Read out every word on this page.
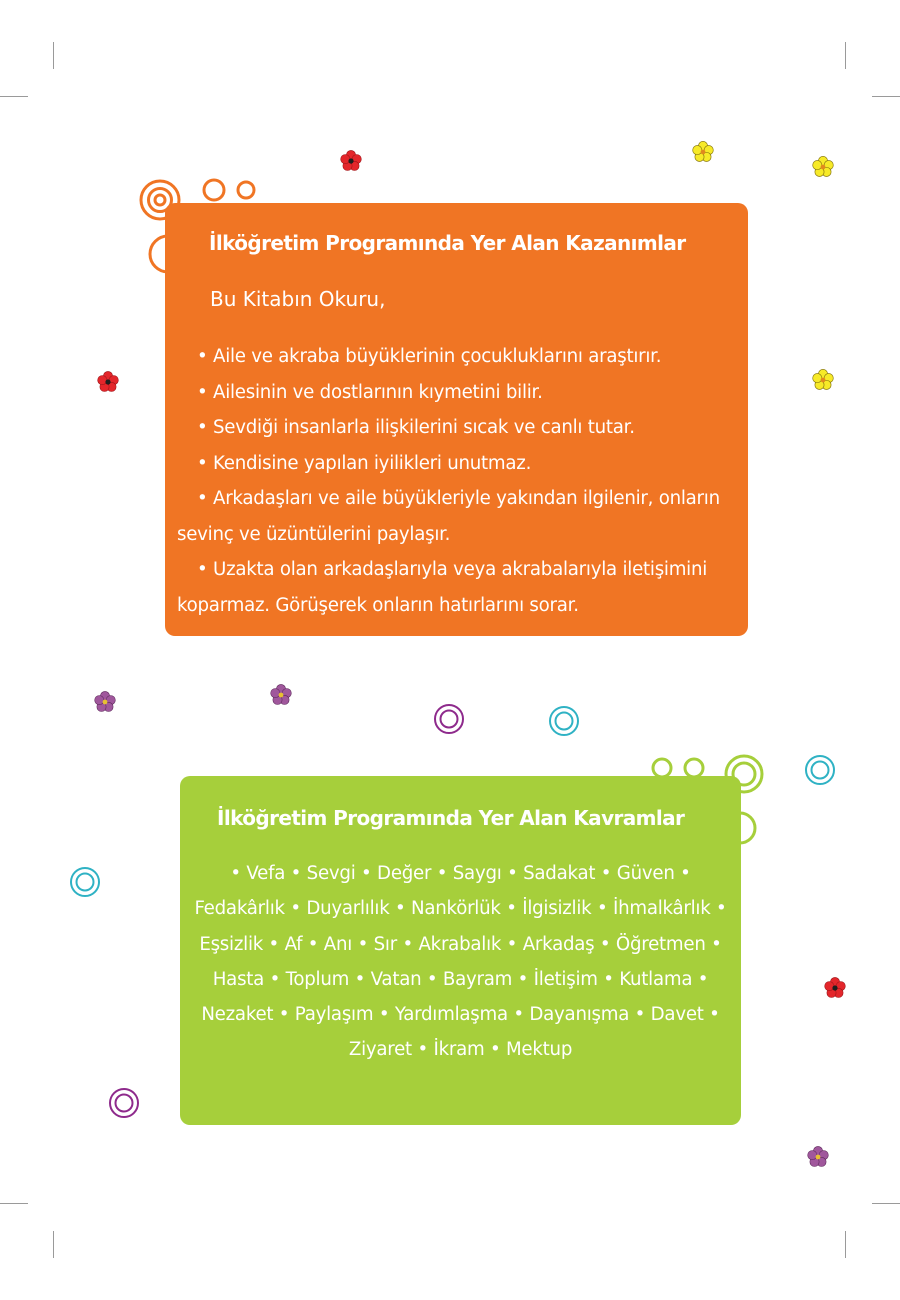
İlköğretim Programında Yer Alan Kazanımlar
Bu Kitabın Okuru,
• Aile ve akraba büyüklerinin çocukluklarını araştırır.
• Ailesinin ve dostlarının kıymetini bilir.
• Sevdiği insanlarla ilişkilerini sıcak ve canlı tutar.
• Kendisine yapılan iyilikleri unutmaz.
• Arkadaşları ve aile büyükleriyle yakından ilgilenir, onların sevinç ve üzüntülerini paylaşır.
• Uzakta olan arkadaşlarıyla veya akrabalarıyla iletişimini koparmaz. Görüşerek onların hatırlarını sorar.
İlköğretim Programında Yer Alan Kavramlar
• Vefa • Sevgi • Değer • Saygı • Sadakat • Güven • Fedakârlık • Duyarlılık • Nankörlük • İlgisizlik • İhmalkârlık • Eşsizlik • Af • Anı • Sır • Akrabalık • Arkadaş • Öğretmen • Hasta • Toplum • Vatan • Bayram • İletişim • Kutlama • Nezaket • Paylaşım • Yardımlaşma • Dayanışma • Davet • Ziyaret • İkram • Mektup
